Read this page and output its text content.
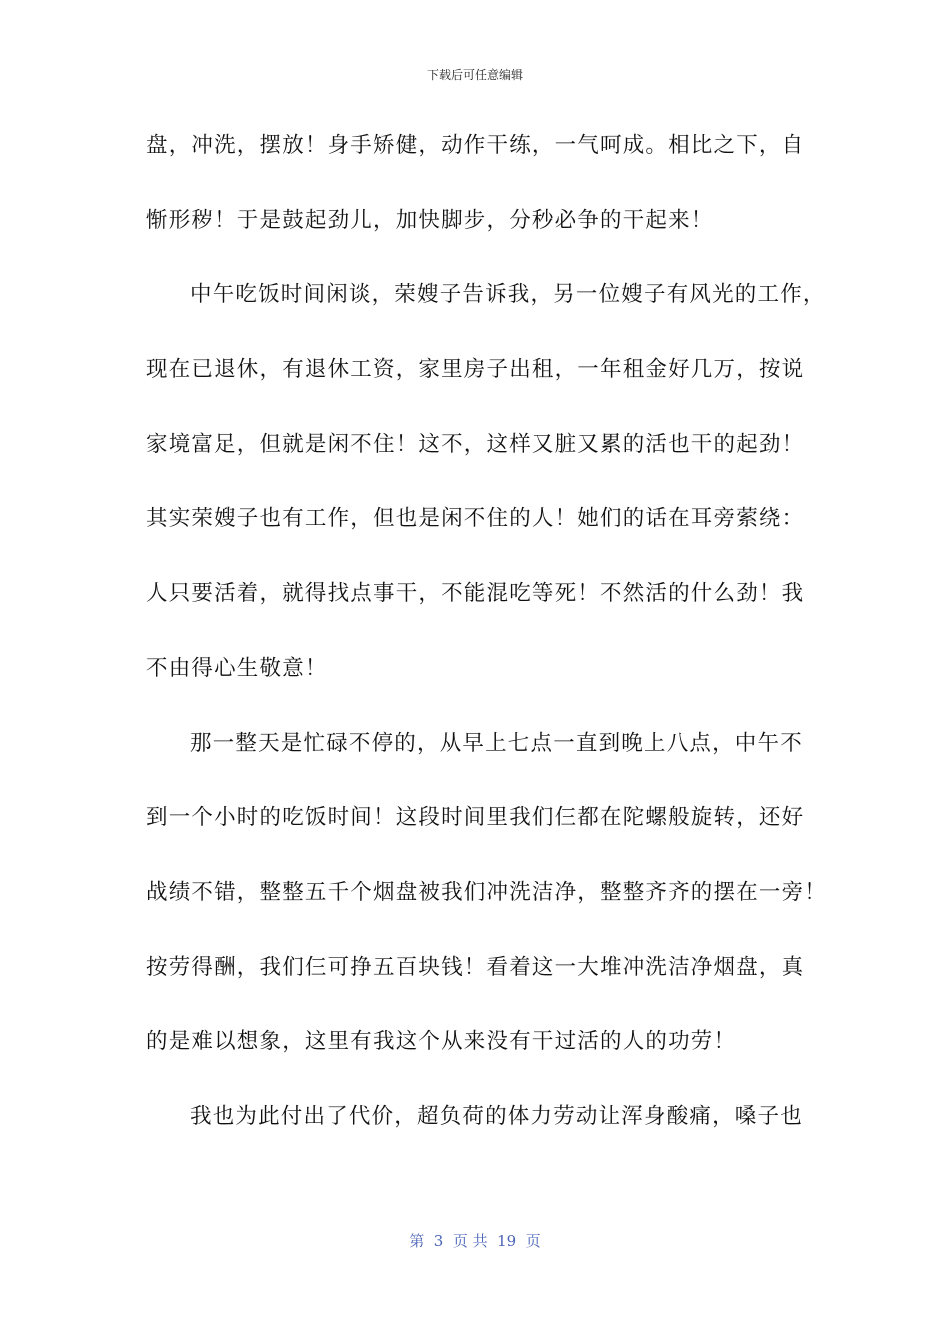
下载后可任意编辑
盘，冲洗，摆放！身手矫健，动作干练，一气呵成。相比之下，自
惭形秽！于是鼓起劲儿，加快脚步，分秒必争的干起来！
中午吃饭时间闲谈，荣嫂子告诉我，另一位嫂子有风光的工作，
现在已退休，有退休工资，家里房子出租，一年租金好几万，按说
家境富足，但就是闲不住！这不，这样又脏又累的活也干的起劲！
其实荣嫂子也有工作，但也是闲不住的人！她们的话在耳旁萦绕：
人只要活着，就得找点事干，不能混吃等死！不然活的什么劲！我
不由得心生敬意！
那一整天是忙碌不停的，从早上七点一直到晚上八点，中午不
到一个小时的吃饭时间！这段时间里我们仨都在陀螺般旋转，还好
战绩不错，整整五千个烟盘被我们冲洗洁净，整整齐齐的摆在一旁！
按劳得酬，我们仨可挣五百块钱！看着这一大堆冲洗洁净烟盘，真
的是难以想象，这里有我这个从来没有干过活的人的功劳！
我也为此付出了代价，超负荷的体力劳动让浑身酸痛，嗓子也
第  3  页 共  19  页
